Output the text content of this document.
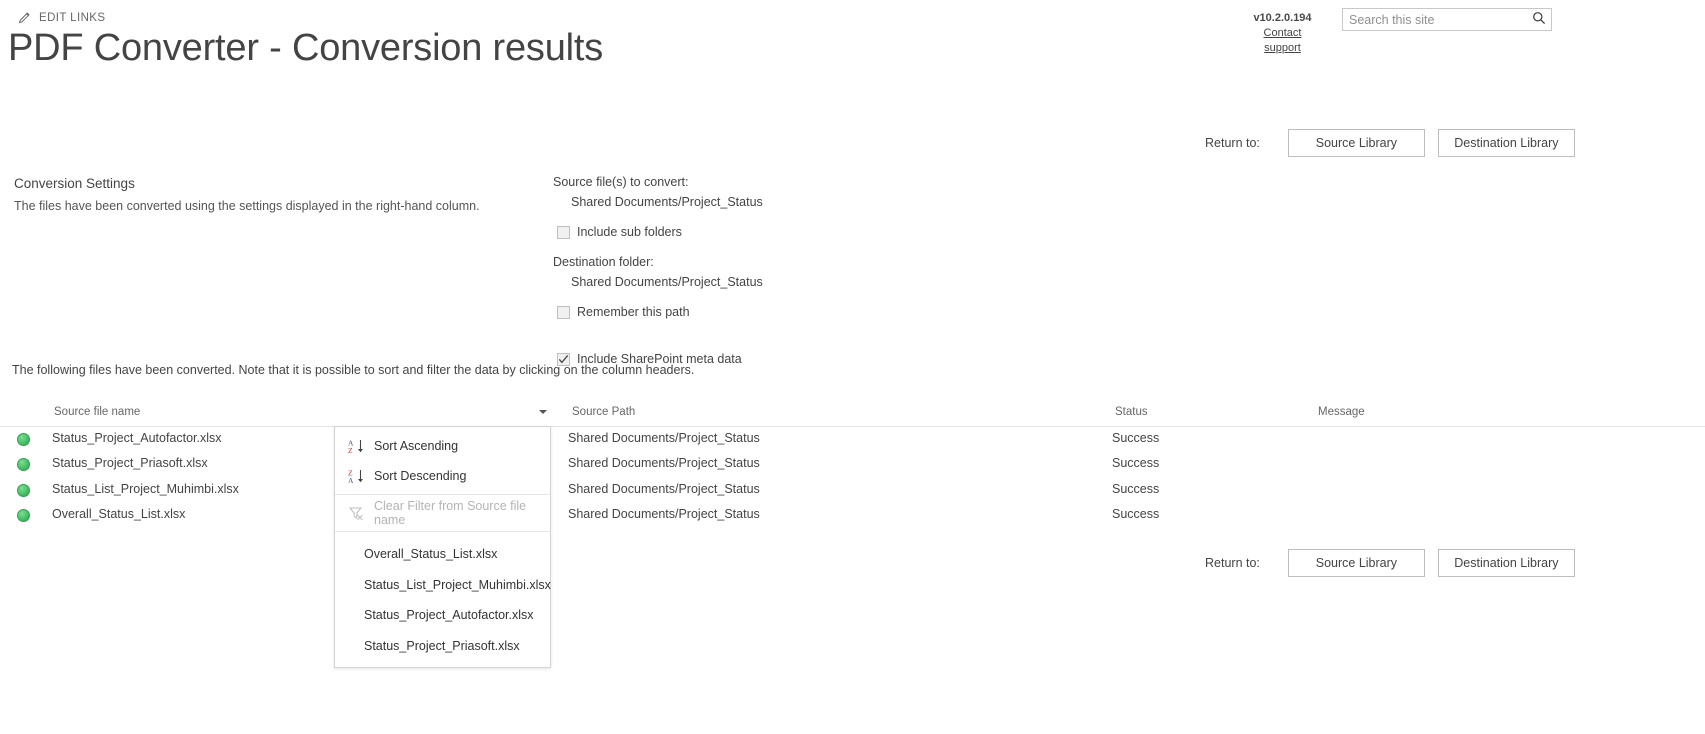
EDIT LINKS	v10.2.0.194
Contact support
Search this site
PDF Converter - Conversion results
Return to:	Source Library	Destination Library
Conversion Settings
The files have been converted using the settings displayed in the right-hand column.
Source file(s) to convert:
Shared Documents/Project_Status
Include sub folders
Destination folder:
Shared Documents/Project_Status
Remember this path
Include SharePoint meta data
The following files have been converted. Note that it is possible to sort and filter the data by clicking on the column headers.
Source file name	Source Path	Status	Message
Status_Project_Autofactor.xlsx	Shared Documents/Project_Status	Success
Status_Project_Priasoft.xlsx	Shared Documents/Project_Status	Success
Status_List_Project_Muhimbi.xlsx	Shared Documents/Project_Status	Success
Overall_Status_List.xlsx	Shared Documents/Project_Status	Success
A
Z Sort Ascending
Z
A Sort Descending
Clear Filter from Source file name
Overall_Status_List.xlsx
Status_List_Project_Muhimbi.xlsx
Status_Project_Autofactor.xlsx
Status_Project_Priasoft.xlsx
Return to:	Source Library	Destination Library
